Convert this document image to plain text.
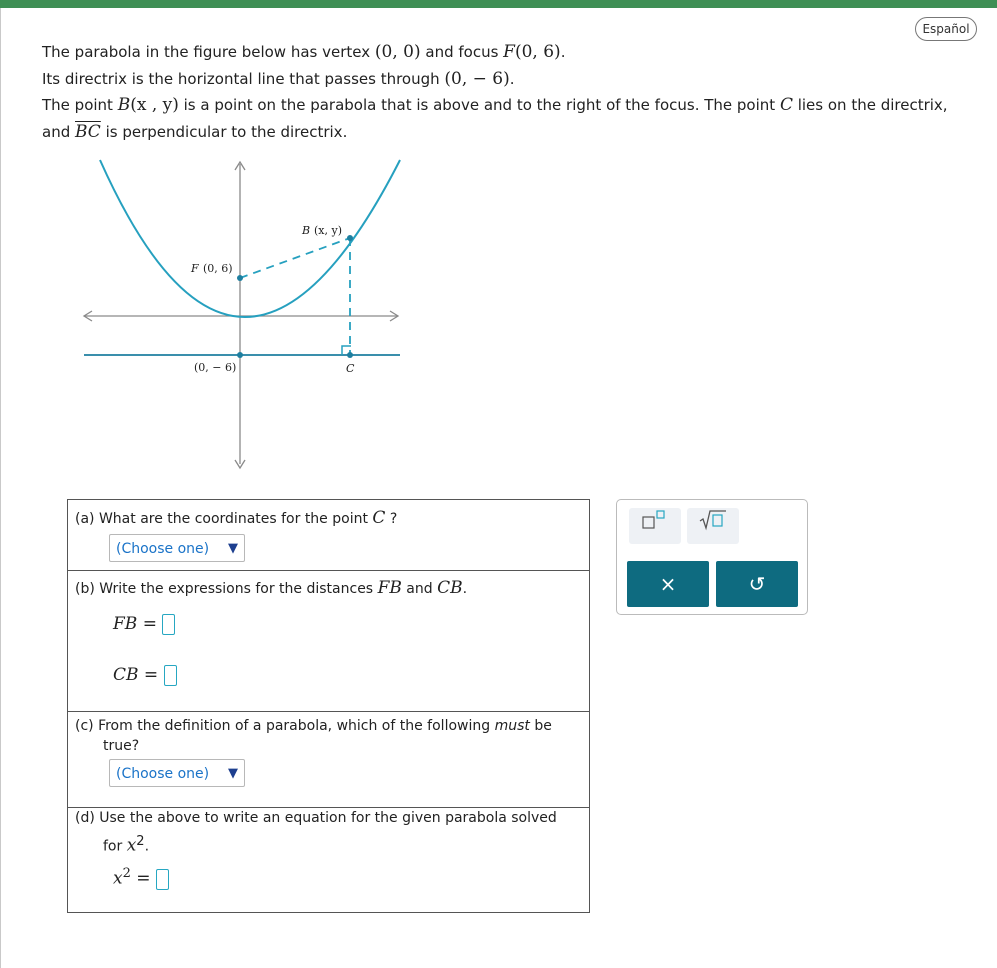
Español
The parabola in the figure below has vertex (0, 0) and focus F(0, 6).
Its directrix is the horizontal line that passes through (0, − 6).
The point B(x , y) is a point on the parabola that is above and to the right of the focus. The point C lies on the directrix,
and $\overline{BC}$ is perpendicular to the directrix.
B (x, y)
F (0, 6)
(0, − 6)	C
(a) What are the coordinates for the point C ?
(Choose one) ▼
(b) Write the expressions for the distances FB and CB.
FB =
CB =
(c) From the definition of a parabola, which of the following must be
true?
(Choose one) ▼
(d) Use the above to write an equation for the given parabola solved
for $x^2$.
$x^2$ =
×	↺
